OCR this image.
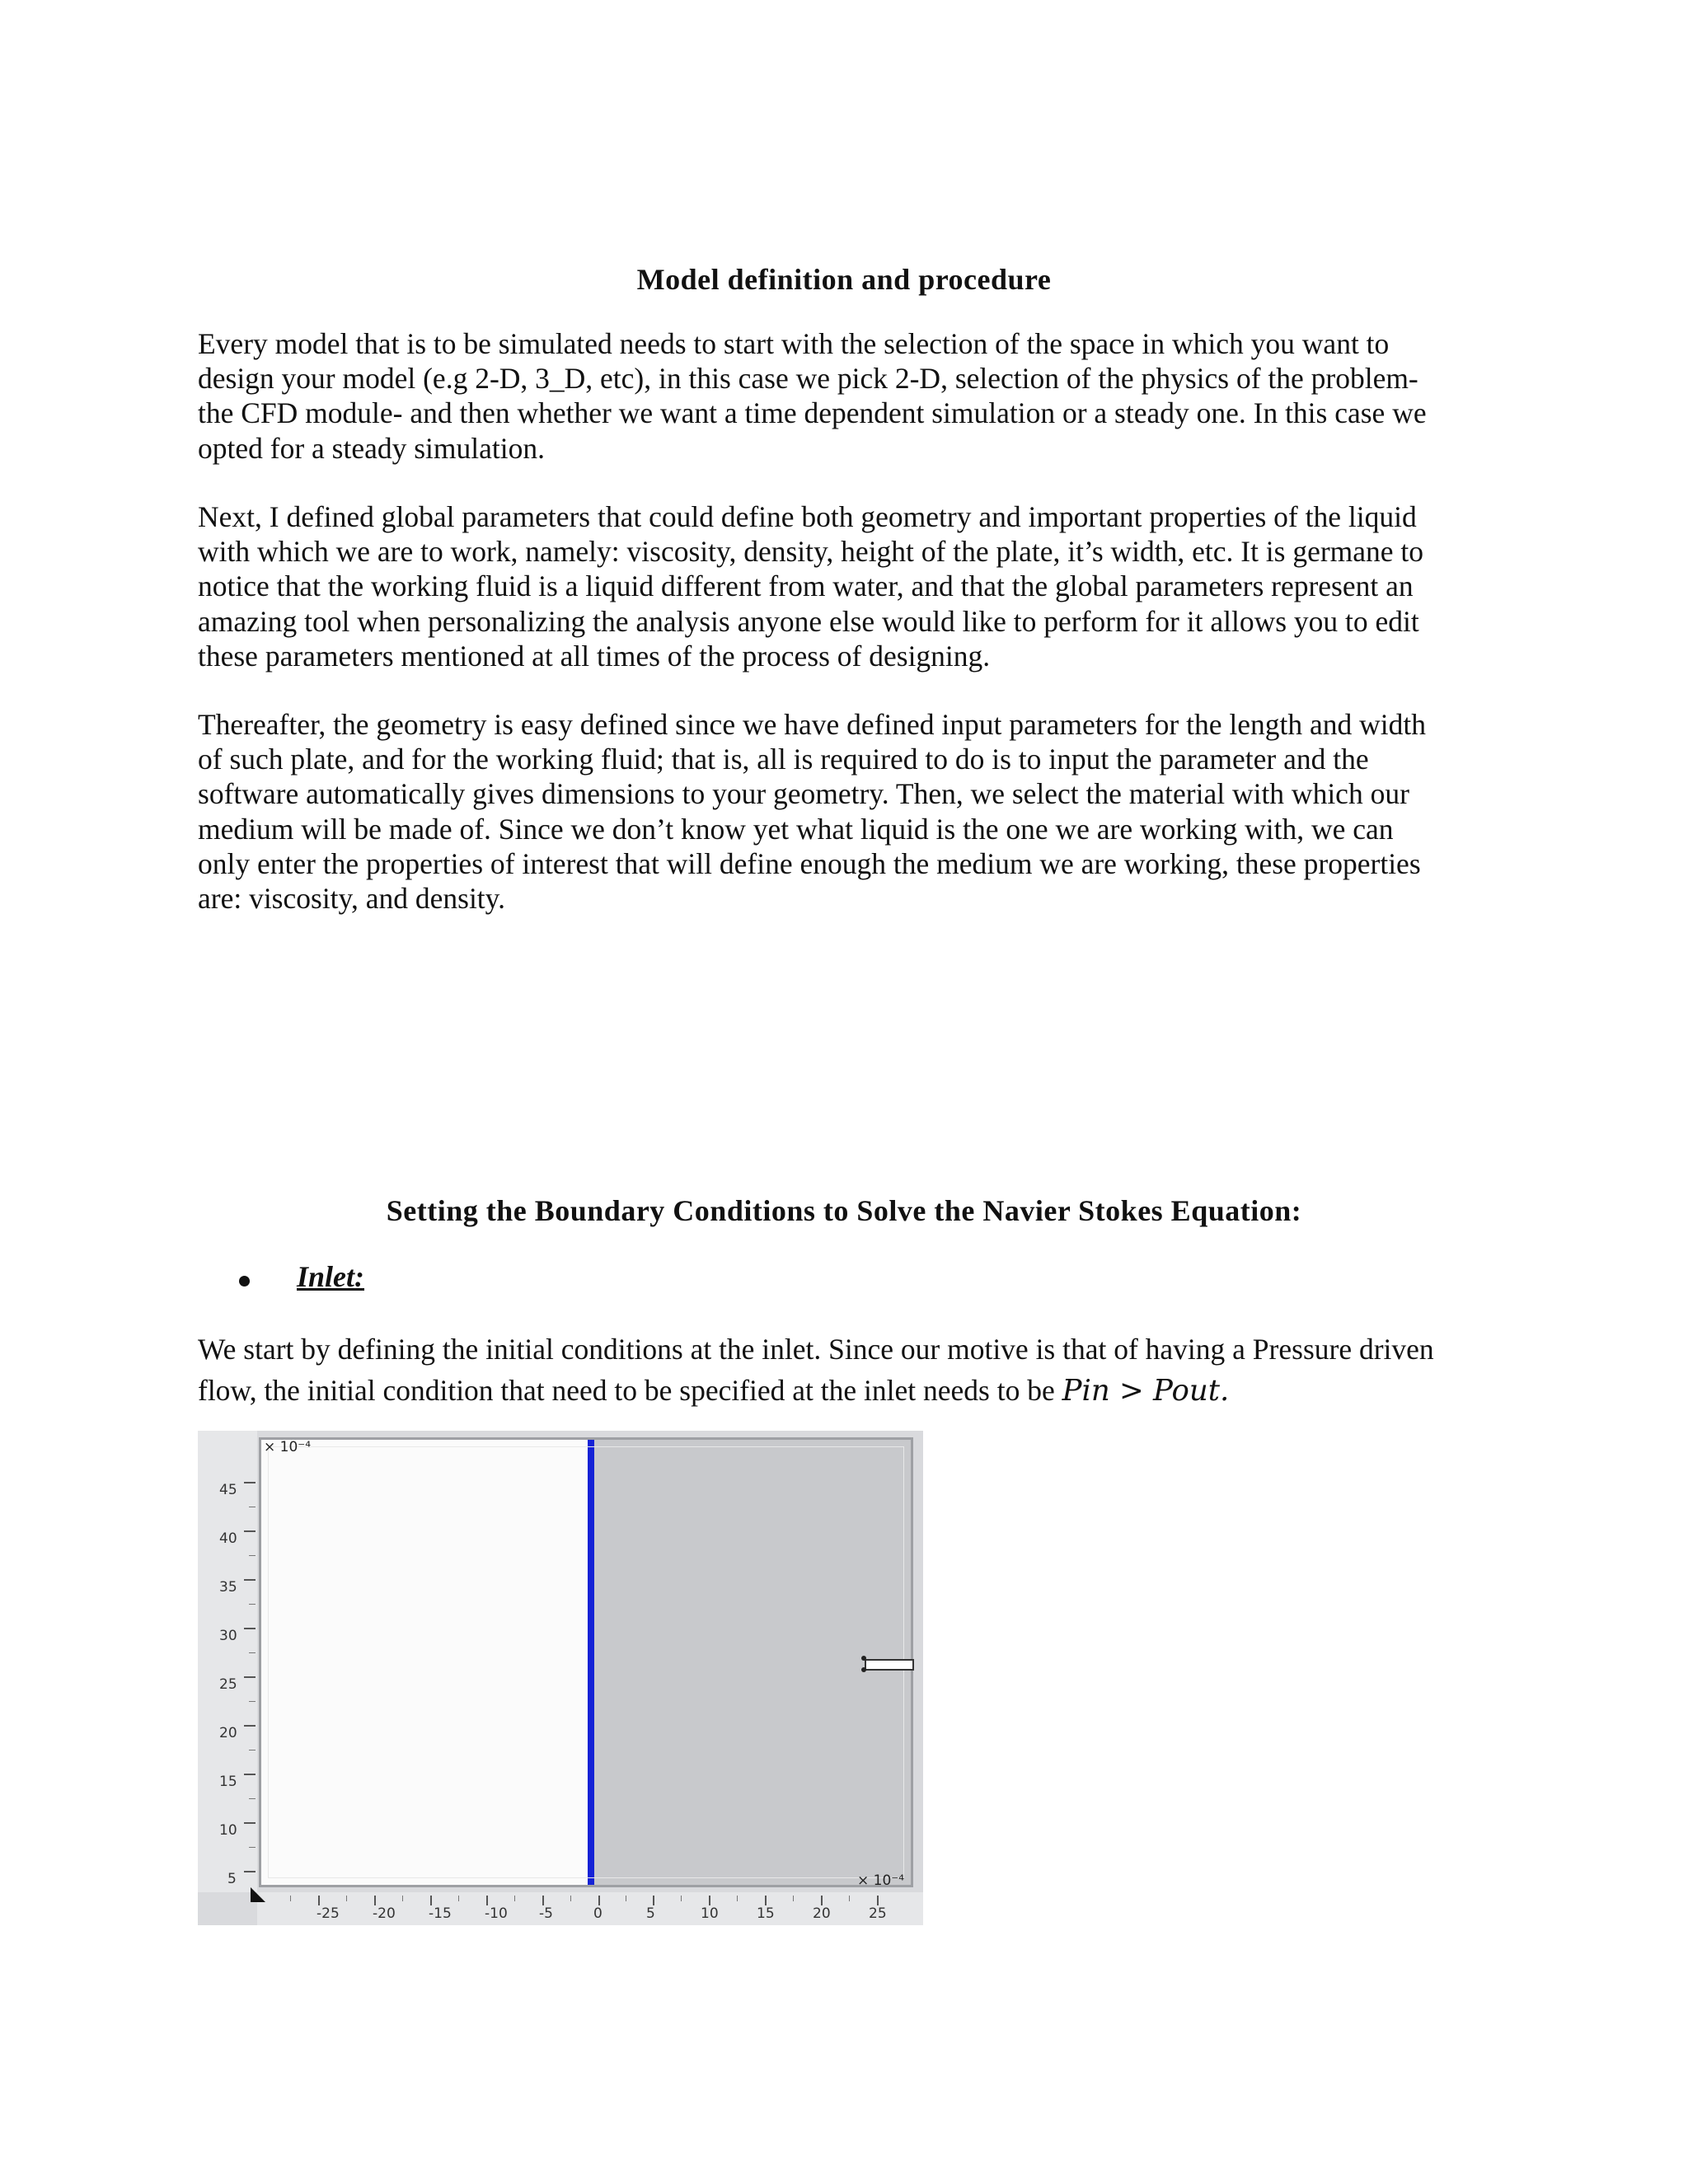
Model definition and procedure
Every model that is to be simulated needs to start with the selection of the space in which you want to
design your model (e.g 2-D, 3_D, etc), in this case we pick 2-D, selection of the physics of the problem-
the CFD module- and then whether we want a time dependent simulation or a steady one. In this case we
opted for a steady simulation.
Next, I defined global parameters that could define both geometry and important properties of the liquid
with which we are to work, namely: viscosity, density, height of the plate, it’s width, etc. It is germane to
notice that the working fluid is a liquid different from water, and that the global parameters represent an
amazing tool when personalizing the analysis anyone else would like to perform for it allows you to edit
these parameters mentioned at all times of the process of designing.
Thereafter, the geometry is easy defined since we have defined input parameters for the length and width
of such plate, and for the working fluid; that is, all is required to do is to input the parameter and the
software automatically gives dimensions to your geometry. Then, we select the material with which our
medium will be made of. Since we don’t know yet what liquid is the one we are working with, we can
only enter the properties of interest that will define enough the medium we are working, these properties
are: viscosity, and density.
Setting the Boundary Conditions to Solve the Navier Stokes Equation:
Inlet:
We start by defining the initial conditions at the inlet. Since our motive is that of having a Pressure driven
flow, the initial condition that need to be specified at the inlet needs to be Pin > Pout.
× 10⁻⁴
× 10⁻⁴
45
40
35
30
25
20
15
10
5
-25 -20 -15 -10 -5	0	5	10	15	20	25
